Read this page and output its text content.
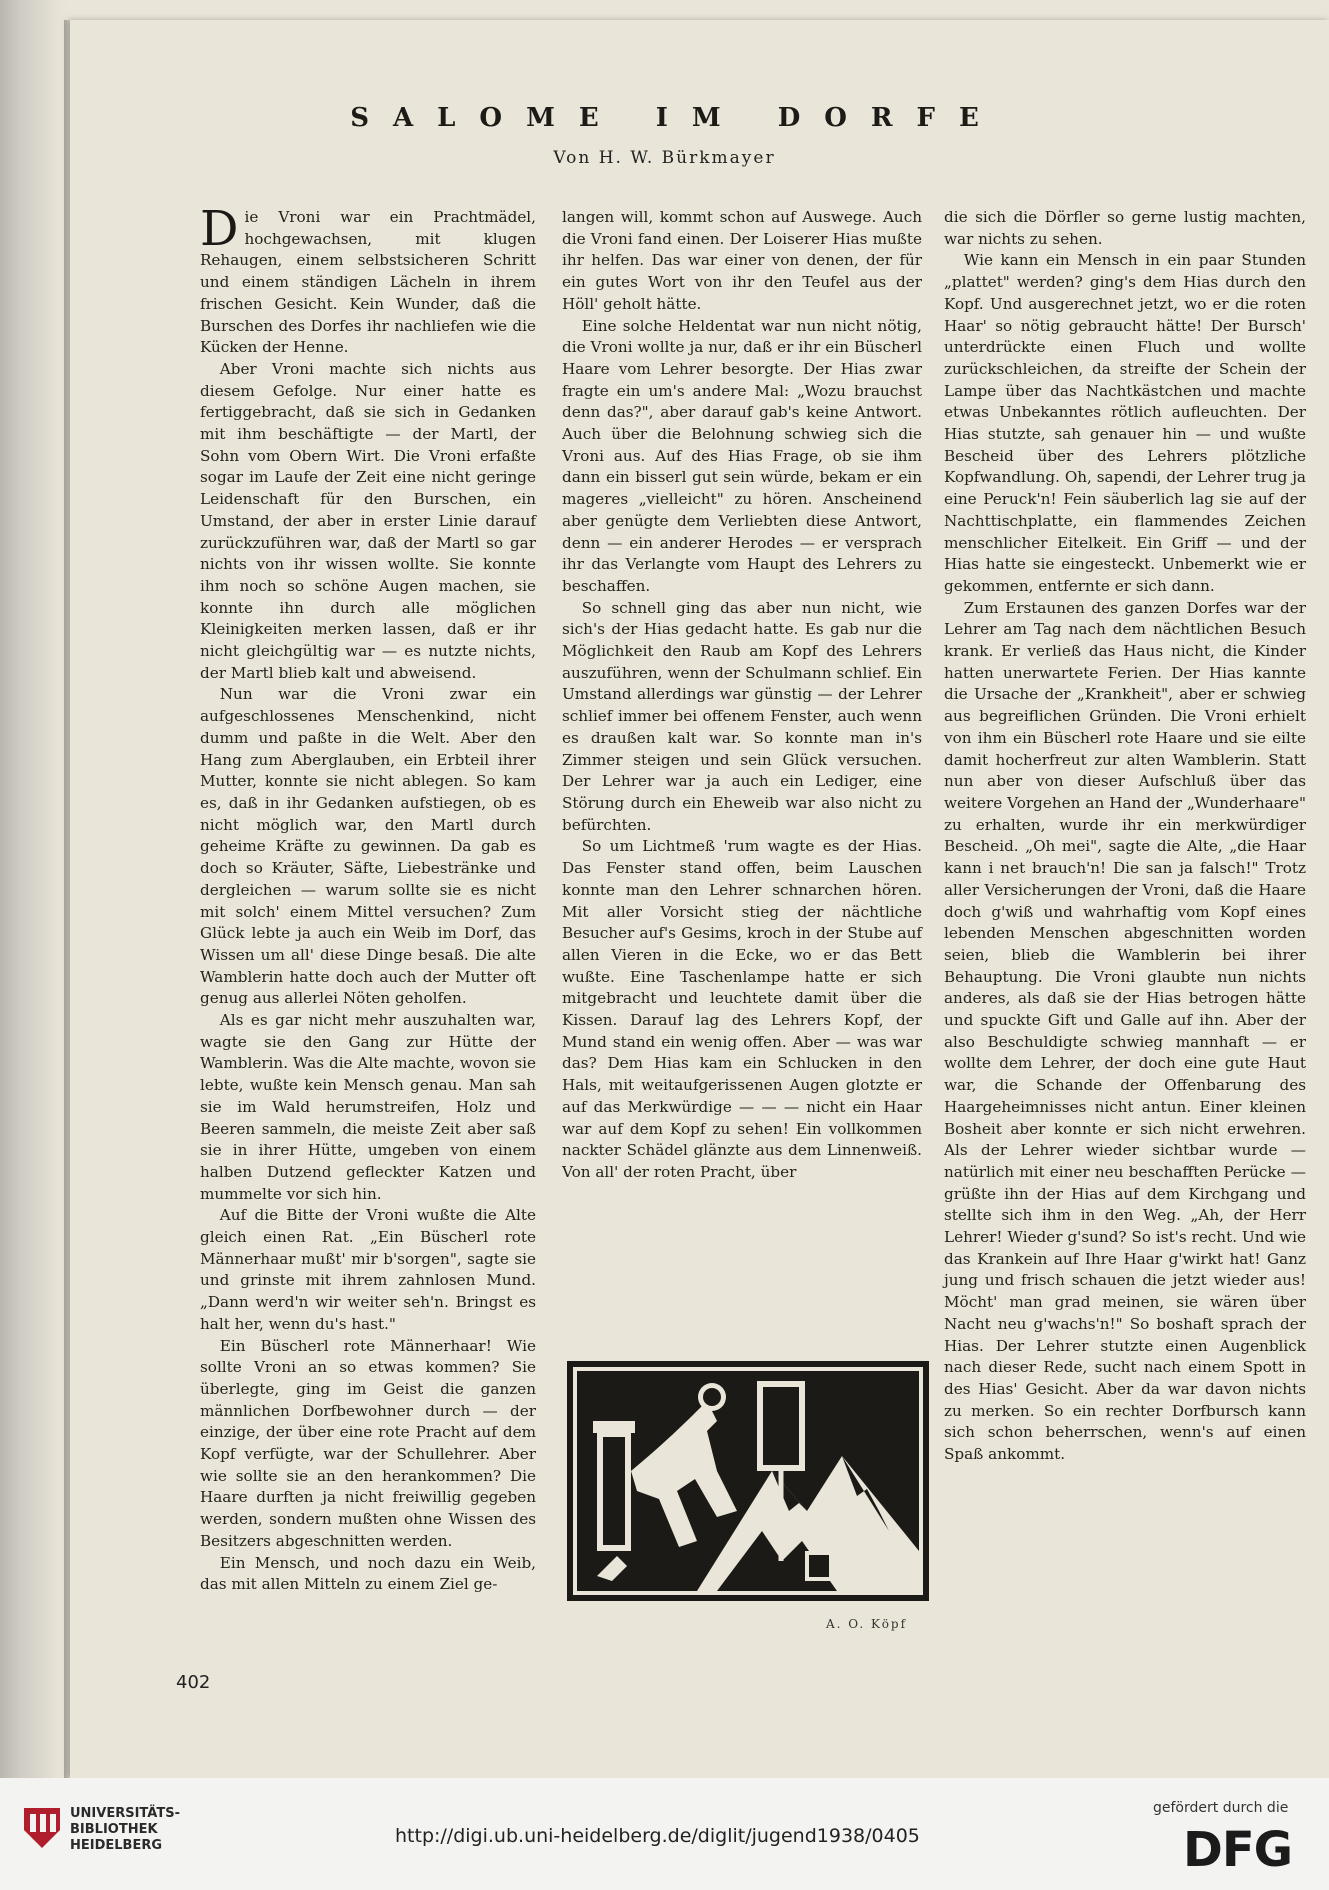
SALOME IM DORFE
Von H. W. Bürkmayer
D ie Vroni war ein Prachtmädel, hochgewachsen, mit klugen Rehaugen, einem selbstsicheren Schritt und einem ständigen Lächeln in ihrem frischen Gesicht. Kein Wunder, daß die Burschen des Dorfes ihr nachliefen wie die Kücken der Henne.

Aber Vroni machte sich nichts aus diesem Gefolge. Nur einer hatte es fertiggebracht, daß sie sich in Gedanken mit ihm beschäftigte — der Martl, der Sohn vom Obern Wirt. Die Vroni erfaßte sogar im Laufe der Zeit eine nicht geringe Leidenschaft für den Burschen, ein Umstand, der aber in erster Linie darauf zurückzuführen war, daß der Martl so gar nichts von ihr wissen wollte. Sie konnte ihm noch so schöne Augen machen, sie konnte ihn durch alle möglichen Kleinigkeiten merken lassen, daß er ihr nicht gleichgültig war — es nutzte nichts, der Martl blieb kalt und abweisend.

Nun war die Vroni zwar ein aufgeschlossenes Menschenkind, nicht dumm und paßte in die Welt. Aber den Hang zum Aberglauben, ein Erbteil ihrer Mutter, konnte sie nicht ablegen. So kam es, daß in ihr Gedanken aufstiegen, ob es nicht möglich war, den Martl durch geheime Kräfte zu gewinnen. Da gab es doch so Kräuter, Säfte, Liebestränke und dergleichen — warum sollte sie es nicht mit solch' einem Mittel versuchen? Zum Glück lebte ja auch ein Weib im Dorf, das Wissen um all' diese Dinge besaß. Die alte Wamblerin hatte doch auch der Mutter oft genug aus allerlei Nöten geholfen.

Als es gar nicht mehr auszuhalten war, wagte sie den Gang zur Hütte der Wamblerin. Was die Alte machte, wovon sie lebte, wußte kein Mensch genau. Man sah sie im Wald herumstreifen, Holz und Beeren sammeln, die meiste Zeit aber saß sie in ihrer Hütte, umgeben von einem halben Dutzend gefleckter Katzen und mummelte vor sich hin.

Auf die Bitte der Vroni wußte die Alte gleich einen Rat. „Ein Büscherl rote Männerhaar mußt' mir b'sorgen", sagte sie und grinste mit ihrem zahnlosen Mund. „Dann werd'n wir weiter seh'n. Bringst es halt her, wenn du's hast."

Ein Büscherl rote Männerhaar! Wie sollte Vroni an so etwas kommen? Sie überlegte, ging im Geist die ganzen männlichen Dorfbewohner durch — der einzige, der über eine rote Pracht auf dem Kopf verfügte, war der Schullehrer. Aber wie sollte sie an den herankommen? Die Haare durften ja nicht freiwillig gegeben werden, sondern mußten ohne Wissen des Besitzers abgeschnitten werden.

Ein Mensch, und noch dazu ein Weib, das mit allen Mitteln zu einem Ziel ge-

langen will, kommt schon auf Auswege. Auch die Vroni fand einen. Der Loiserer Hias mußte ihr helfen. Das war einer von denen, der für ein gutes Wort von ihr den Teufel aus der Höll' geholt hätte.

Eine solche Heldentat war nun nicht nötig, die Vroni wollte ja nur, daß er ihr ein Büscherl Haare vom Lehrer besorgte. Der Hias zwar fragte ein um's andere Mal: „Wozu brauchst denn das?", aber darauf gab's keine Antwort. Auch über die Belohnung schwieg sich die Vroni aus. Auf des Hias Frage, ob sie ihm dann ein bisserl gut sein würde, bekam er ein mageres „vielleicht" zu hören. Anscheinend aber genügte dem Verliebten diese Antwort, denn — ein anderer Herodes — er versprach ihr das Verlangte vom Haupt des Lehrers zu beschaffen.

So schnell ging das aber nun nicht, wie sich's der Hias gedacht hatte. Es gab nur die Möglichkeit den Raub am Kopf des Lehrers auszuführen, wenn der Schulmann schlief. Ein Umstand allerdings war günstig — der Lehrer schlief immer bei offenem Fenster, auch wenn es draußen kalt war. So konnte man in's Zimmer steigen und sein Glück versuchen. Der Lehrer war ja auch ein Lediger, eine Störung durch ein Eheweib war also nicht zu befürchten.

So um Lichtmeß 'rum wagte es der Hias. Das Fenster stand offen, beim Lauschen konnte man den Lehrer schnarchen hören. Mit aller Vorsicht stieg der nächtliche Besucher auf's Gesims, kroch in der Stube auf allen Vieren in die Ecke, wo er das Bett wußte. Eine Taschenlampe hatte er sich mitgebracht und leuchtete damit über die Kissen. Darauf lag des Lehrers Kopf, der Mund stand ein wenig offen. Aber — was war das? Dem Hias kam ein Schlucken in den Hals, mit weitaufgerissenen Augen glotzte er auf das Merkwürdige — — — nicht ein Haar war auf dem Kopf zu sehen! Ein vollkommen nackter Schädel glänzte aus dem Linnenweiß. Von all' der roten Pracht, über

die sich die Dörfler so gerne lustig machten, war nichts zu sehen.

Wie kann ein Mensch in ein paar Stunden „plattet" werden? ging's dem Hias durch den Kopf. Und ausgerechnet jetzt, wo er die roten Haar' so nötig gebraucht hätte! Der Bursch' unterdrückte einen Fluch und wollte zurückschleichen, da streifte der Schein der Lampe über das Nachtkästchen und machte etwas Unbekanntes rötlich aufleuchten. Der Hias stutzte, sah genauer hin — und wußte Bescheid über des Lehrers plötzliche Kopfwandlung. Oh, sapendi, der Lehrer trug ja eine Peruck'n! Fein säuberlich lag sie auf der Nachttischplatte, ein flammendes Zeichen menschlicher Eitelkeit. Ein Griff — und der Hias hatte sie eingesteckt. Unbemerkt wie er gekommen, entfernte er sich dann.

Zum Erstaunen des ganzen Dorfes war der Lehrer am Tag nach dem nächtlichen Besuch krank. Er verließ das Haus nicht, die Kinder hatten unerwartete Ferien. Der Hias kannte die Ursache der „Krankheit", aber er schwieg aus begreiflichen Gründen. Die Vroni erhielt von ihm ein Büscherl rote Haare und sie eilte damit hocherfreut zur alten Wamblerin. Statt nun aber von dieser Aufschluß über das weitere Vorgehen an Hand der „Wunderhaare" zu erhalten, wurde ihr ein merkwürdiger Bescheid. „Oh mei", sagte die Alte, „die Haar kann i net brauch'n! Die san ja falsch!" Trotz aller Versicherungen der Vroni, daß die Haare doch g'wiß und wahrhaftig vom Kopf eines lebenden Menschen abgeschnitten worden seien, blieb die Wamblerin bei ihrer Behauptung. Die Vroni glaubte nun nichts anderes, als daß sie der Hias betrogen hätte und spuckte Gift und Galle auf ihn. Aber der also Beschuldigte schwieg mannhaft — er wollte dem Lehrer, der doch eine gute Haut war, die Schande der Offenbarung des Haargeheimnisses nicht antun. Einer kleinen Bosheit aber konnte er sich nicht erwehren. Als der Lehrer wieder sichtbar wurde — natürlich mit einer neu beschafften Perücke — grüßte ihn der Hias auf dem Kirchgang und stellte sich ihm in den Weg. „Ah, der Herr Lehrer! Wieder g'sund? So ist's recht. Und wie das Krankein auf Ihre Haar g'wirkt hat! Ganz jung und frisch schauen die jetzt wieder aus! Möcht' man grad meinen, sie wären über Nacht neu g'wachs'n!" So boshaft sprach der Hias. Der Lehrer stutzte einen Augenblick nach dieser Rede, sucht nach einem Spott in des Hias' Gesicht. Aber da war davon nichts zu merken. So ein rechter Dorfbursch kann sich schon beherrschen, wenn's auf einen Spaß ankommt.

K
A. O. Köpf
402
UNIVERSITÄTS-
BIBLIOTHEK
HEIDELBERG	http://digi.ub.uni-heidelberg.de/diglit/jugend1938/0405
gefördert durch die
DFG
